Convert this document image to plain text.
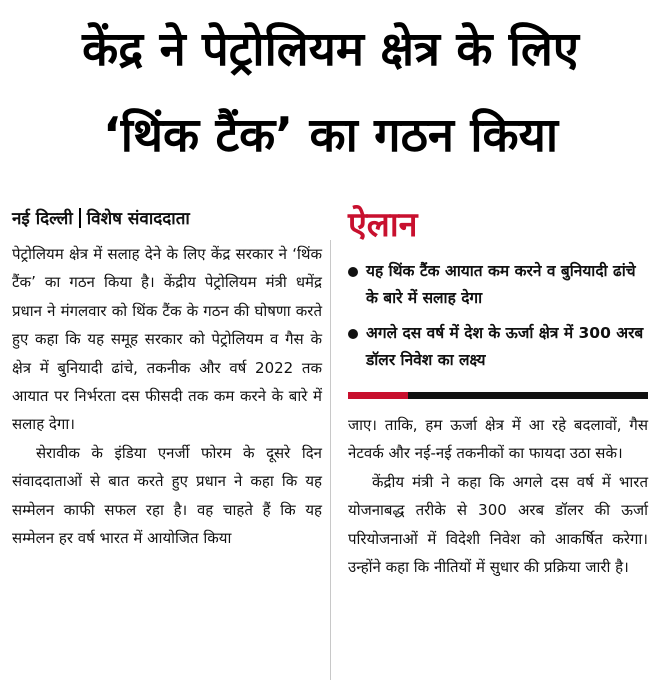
केंद्र ने पेट्रोलियम क्षेत्र के लिए
‘थिंक टैंक’ का गठन किया
नई दिल्ली विशेष संवाददाता

पेट्रोलियम क्षेत्र में सलाह देने के लिए केंद्र सरकार ने ‘थिंक टैंक’ का गठन किया है। केंद्रीय पेट्रोलियम मंत्री धमेंद्र प्रधान ने मंगलवार को थिंक टैंक के गठन की घोषणा करते हुए कहा कि यह समूह सरकार को पेट्रोलियम व गैस के क्षेत्र में बुनियादी ढांचे, तकनीक और वर्ष 2022 तक आयात पर निर्भरता दस फीसदी तक कम करने के बारे में सलाह देगा।

सेरावीक के इंडिया एनर्जी फोरम के दूसरे दिन संवाददाताओं से बात करते हुए प्रधान ने कहा कि यह सम्मेलन काफी सफल रहा है। वह चाहते हैं कि यह सम्मेलन हर वर्ष भारत में आयोजित किया

ऐलान
यह थिंक टैंक आयात कम करने व बुनियादी ढांचे के बारे में सलाह देगा
अगले दस वर्ष में देश के ऊर्जा क्षेत्र में 300 अरब डॉलर निवेश का लक्ष्य

जाए। ताकि, हम ऊर्जा क्षेत्र में आ रहे बदलावों, गैस नेटवर्क और नई-नई तकनीकों का फायदा उठा सके।

केंद्रीय मंत्री ने कहा कि अगले दस वर्ष में भारत योजनाबद्ध तरीके से 300 अरब डॉलर की ऊर्जा परियोजनाओं में विदेशी निवेश को आकर्षित करेगा। उन्होंने कहा कि नीतियों में सुधार की प्रक्रिया जारी है।
